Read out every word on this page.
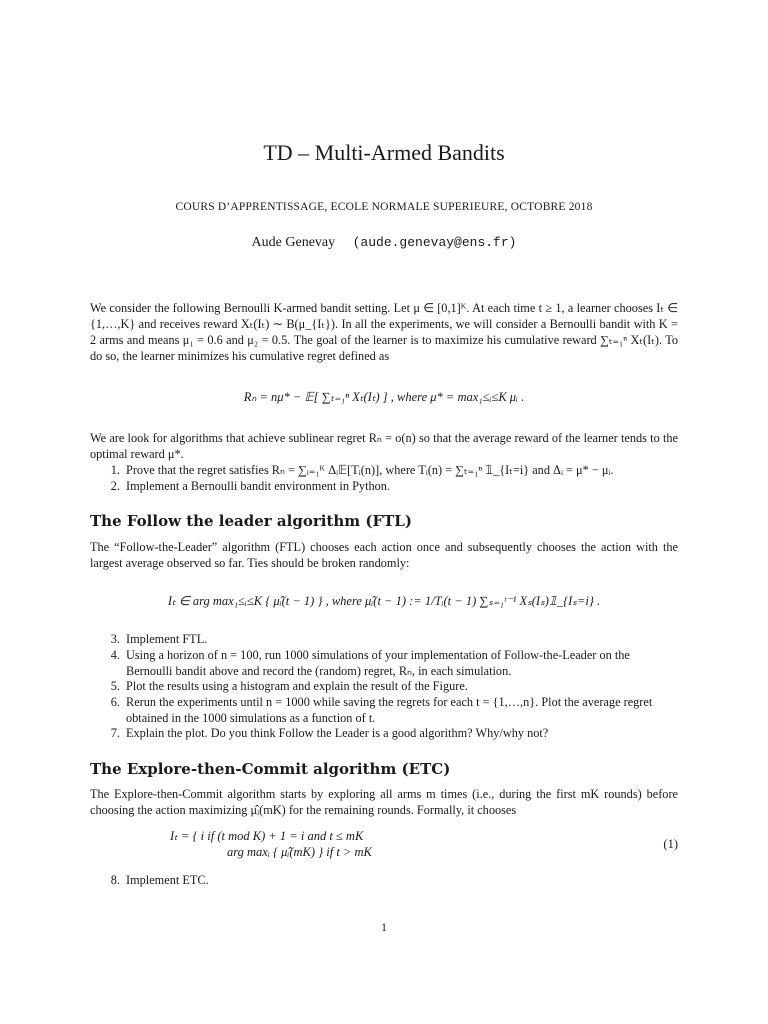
TD – Multi-Armed Bandits
COURS D’APPRENTISSAGE, ECOLE NORMALE SUPERIEURE, OCTOBRE 2018
Aude Genevay (aude.genevay@ens.fr)
We consider the following Bernoulli K-armed bandit setting. Let μ ∈ [0,1]ᴷ. At each time t ≥ 1, a learner chooses Iₜ ∈ {1,…,K} and receives reward Xₜ(Iₜ) ∼ B(μ_{Iₜ}). In all the experiments, we will consider a Bernoulli bandit with K = 2 arms and means μ₁ = 0.6 and μ₂ = 0.5. The goal of the learner is to maximize his cumulative reward ∑ₜ₌₁ⁿ Xₜ(Iₜ). To do so, the learner minimizes his cumulative regret defined as
Rₙ = nμ* − 𝔼[ ∑ₜ₌₁ⁿ Xₜ(Iₜ) ] , where μ* = max₁≤ᵢ≤K μᵢ .
We are look for algorithms that achieve sublinear regret Rₙ = o(n) so that the average reward of the learner tends to the optimal reward μ*.
1. Prove that the regret satisfies Rₙ = ∑ᵢ₌₁ᴷ Δᵢ𝔼[Tᵢ(n)], where Tᵢ(n) = ∑ₜ₌₁ⁿ 𝟙_{Iₜ=i} and Δᵢ = μ* − μᵢ.
2. Implement a Bernoulli bandit environment in Python.
The Follow the leader algorithm (FTL)
The “Follow-the-Leader” algorithm (FTL) chooses each action once and subsequently chooses the action with the largest average observed so far. Ties should be broken randomly:
Iₜ ∈ arg max₁≤ᵢ≤K { μ̂ᵢ(t − 1) } , where μ̂ᵢ(t − 1) := 1/Tᵢ(t − 1) ∑ₛ₌₁ᵗ⁻¹ Xₛ(Iₛ)𝟙_{Iₛ=i} .
3. Implement FTL.
4. Using a horizon of n = 100, run 1000 simulations of your implementation of Follow-the-Leader on the Bernoulli bandit above and record the (random) regret, Rₙ, in each simulation.
5. Plot the results using a histogram and explain the result of the Figure.
6. Rerun the experiments until n = 1000 while saving the regrets for each t = {1,…,n}. Plot the average regret obtained in the 1000 simulations as a function of t.
7. Explain the plot. Do you think Follow the Leader is a good algorithm? Why/why not?
The Explore-then-Commit algorithm (ETC)
The Explore-then-Commit algorithm starts by exploring all arms m times (i.e., during the first mK rounds) before choosing the action maximizing μ̂ᵢ(mK) for the remaining rounds. Formally, it chooses
Iₜ = { i if (t mod K) + 1 = i and t ≤ mK
arg maxᵢ { μ̂ᵢ(mK) } if t > mK
(1)
8. Implement ETC.
1
